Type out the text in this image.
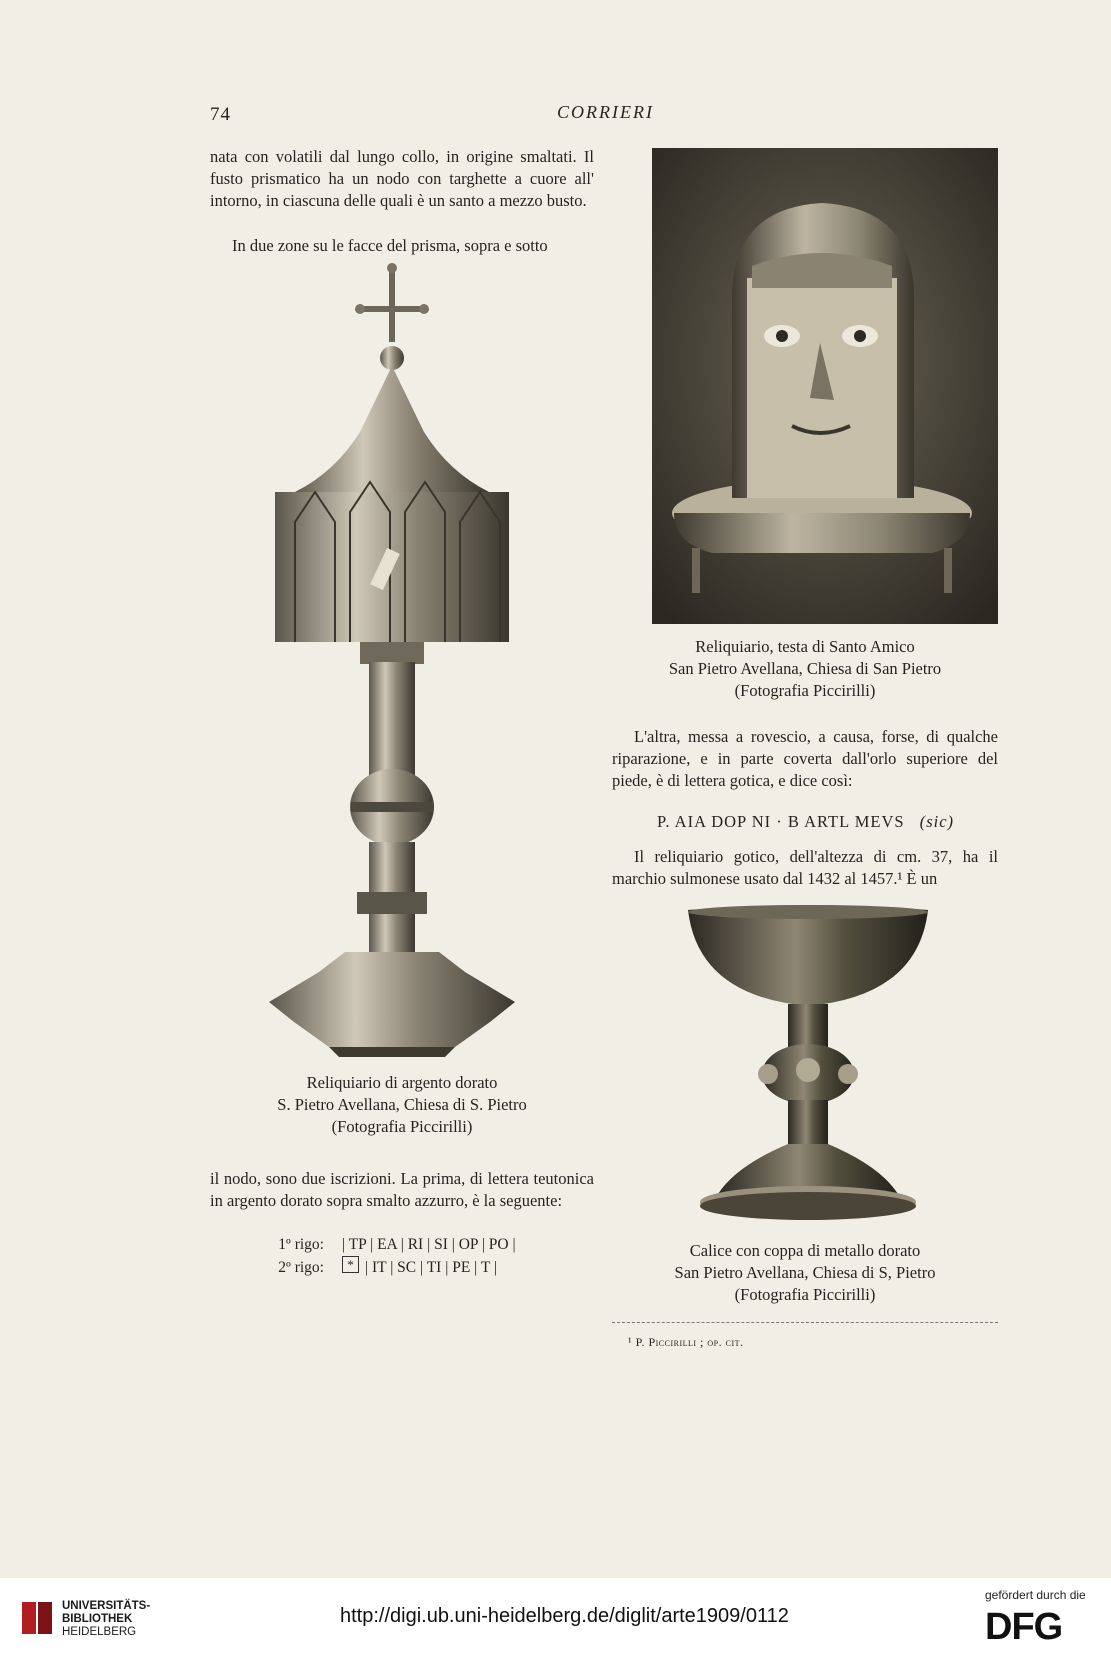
74	CORRIERI
nata con volatili dal lungo collo, in origine smaltati. Il fusto prismatico ha un nodo con targhette a cuore all' intorno, in ciascuna delle quali è un santo a mezzo busto.
In due zone su le facce del prisma, sopra e sotto
Reliquiario di argento dorato
S. Pietro Avellana, Chiesa di S. Pietro
(Fotografia Piccirilli)
il nodo, sono due iscrizioni. La prima, di lettera teutonica in argento dorato sopra smalto azzurro, è la seguente:
1º rigo:	| TP | EA | RI | SI | OP | PO |
2º rigo:	* | IT | SC | TI | PE | T |
Reliquiario, testa di Santo Amico
San Pietro Avellana, Chiesa di San Pietro
(Fotografia Piccirilli)
L'altra, messa a rovescio, a causa, forse, di qualche riparazione, e in parte coverta dall'orlo superiore del piede, è di lettera gotica, e dice così:
P. AIA DOP NI · B ARTL MEVS (sic)
Il reliquiario gotico, dell'altezza di cm. 37, ha il marchio sulmonese usato dal 1432 al 1457.¹ È un
Calice con coppa di metallo dorato
San Pietro Avellana, Chiesa di S, Pietro
(Fotografia Piccirilli)
¹ P. Piccirilli ; op. cit.
UNIVERSITÄTS-
BIBLIOTHEK
HEIDELBERG
http://digi.ub.uni-heidelberg.de/diglit/arte1909/0112
gefördert durch die
DFG
